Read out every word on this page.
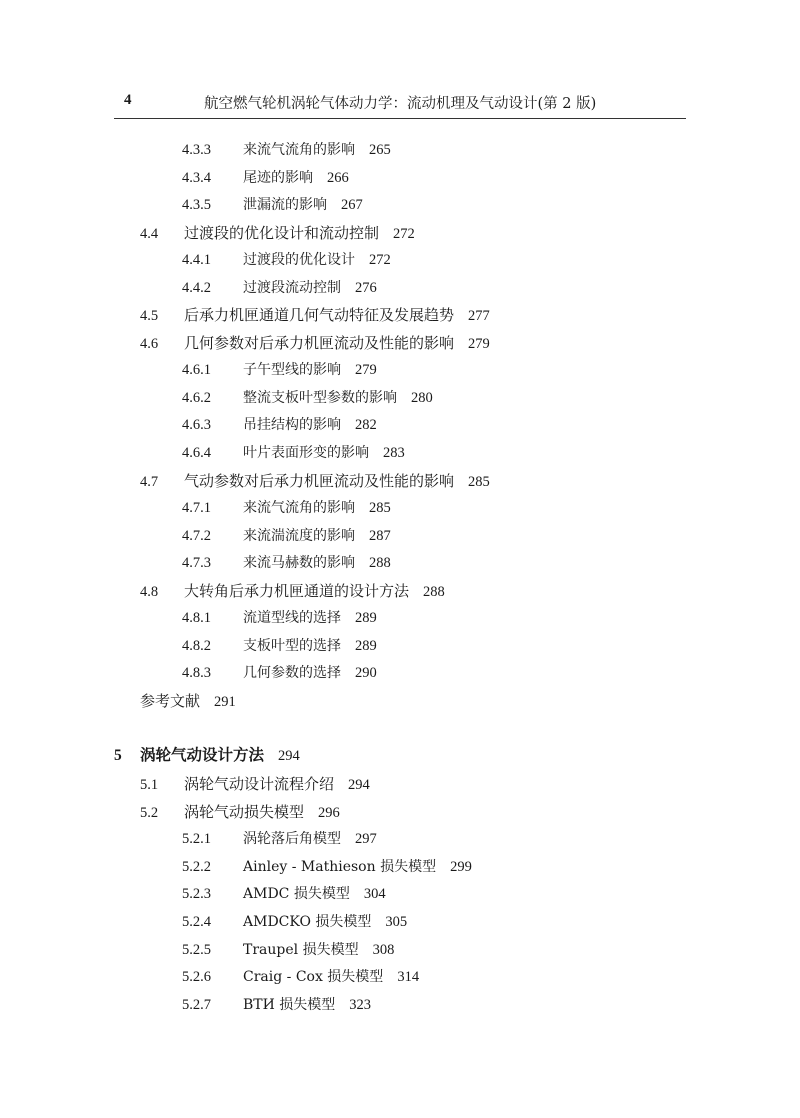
4	航空燃气轮机涡轮气体动力学：流动机理及气动设计(第 2 版)
4.3.3 来流气流角的影响 265
4.3.4 尾迹的影响 266
4.3.5 泄漏流的影响 267
4.4 过渡段的优化设计和流动控制 272
4.4.1 过渡段的优化设计 272
4.4.2 过渡段流动控制 276
4.5 后承力机匣通道几何气动特征及发展趋势 277
4.6 几何参数对后承力机匣流动及性能的影响 279
4.6.1 子午型线的影响 279
4.6.2 整流支板叶型参数的影响 280
4.6.3 吊挂结构的影响 282
4.6.4 叶片表面形变的影响 283
4.7 气动参数对后承力机匣流动及性能的影响 285
4.7.1 来流气流角的影响 285
4.7.2 来流湍流度的影响 287
4.7.3 来流马赫数的影响 288
4.8 大转角后承力机匣通道的设计方法 288
4.8.1 流道型线的选择 289
4.8.2 支板叶型的选择 289
4.8.3 几何参数的选择 290
参考文献 291
5 涡轮气动设计方法 294
5.1 涡轮气动设计流程介绍 294
5.2 涡轮气动损失模型 296
5.2.1 涡轮落后角模型 297
5.2.2 Ainley - Mathieson 损失模型 299
5.2.3 AMDC 损失模型 304
5.2.4 AMDCKO 损失模型 305
5.2.5 Traupel 损失模型 308
5.2.6 Craig - Cox 损失模型 314
5.2.7 BTИ 损失模型 323
